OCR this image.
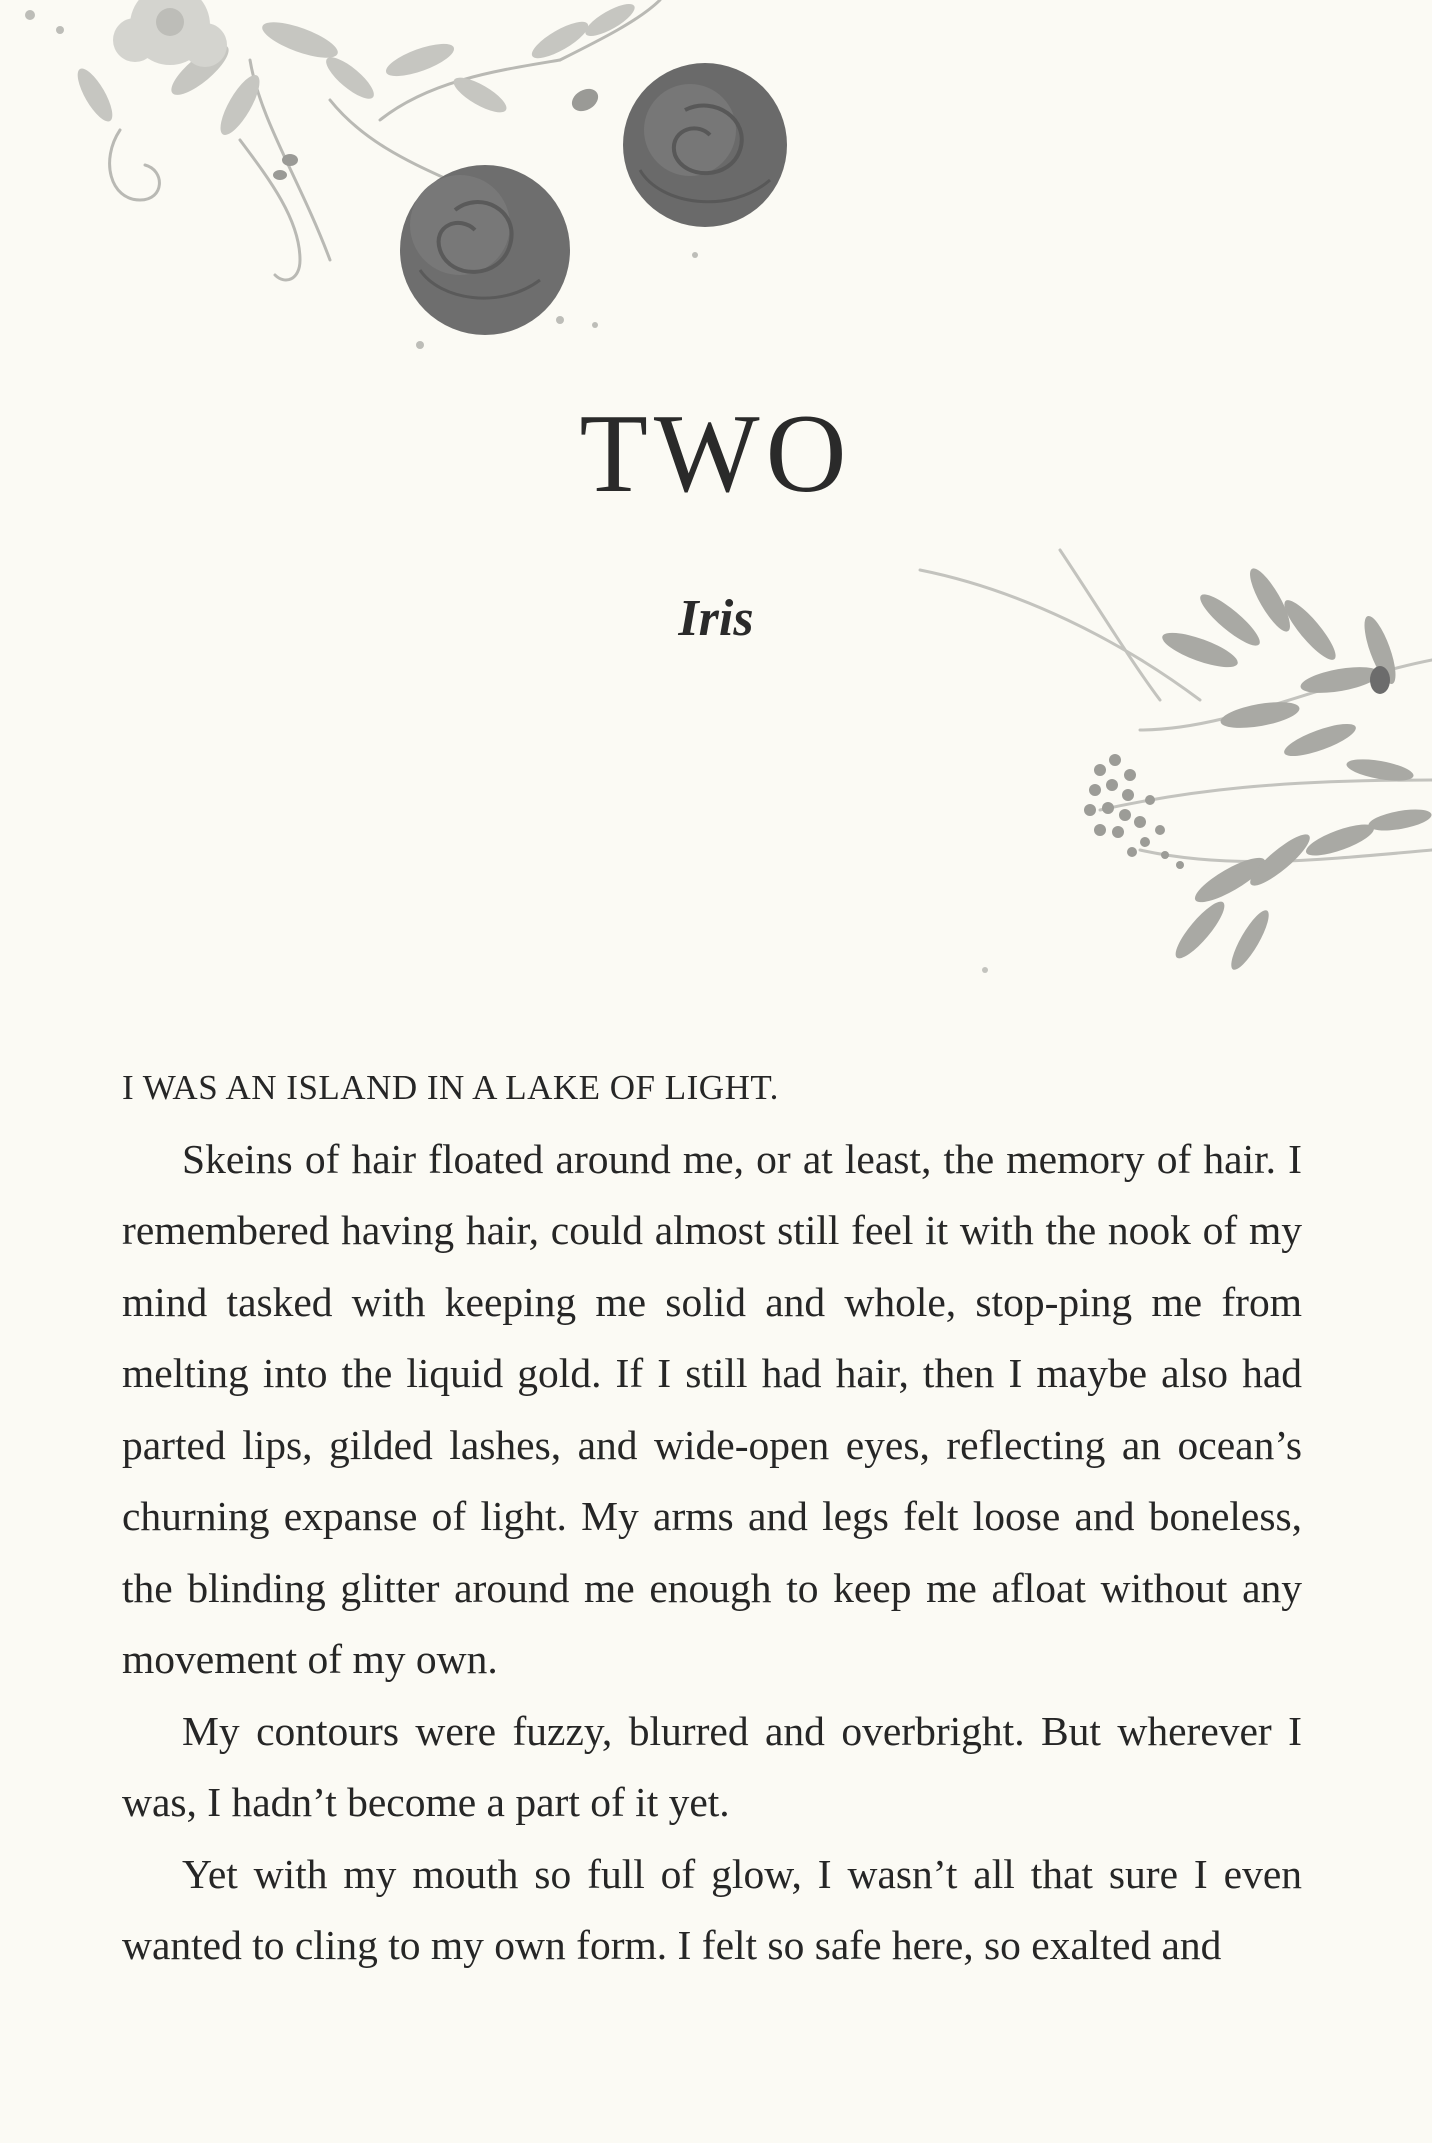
TWO
Iris

I WAS AN ISLAND IN A LAKE OF LIGHT.

Skeins of hair floated around me, or at least, the memory of hair. I remembered having hair, could almost still feel it with the nook of my mind tasked with keeping me solid and whole, stop-ping me from melting into the liquid gold. If I still had hair, then I maybe also had parted lips, gilded lashes, and wide-open eyes, reflecting an ocean’s churning expanse of light. My arms and legs felt loose and boneless, the blinding glitter around me enough to keep me afloat without any movement of my own.

My contours were fuzzy, blurred and overbright. But wherever I was, I hadn’t become a part of it yet.

Yet with my mouth so full of glow, I wasn’t all that sure I even wanted to cling to my own form. I felt so safe here, so exalted and
